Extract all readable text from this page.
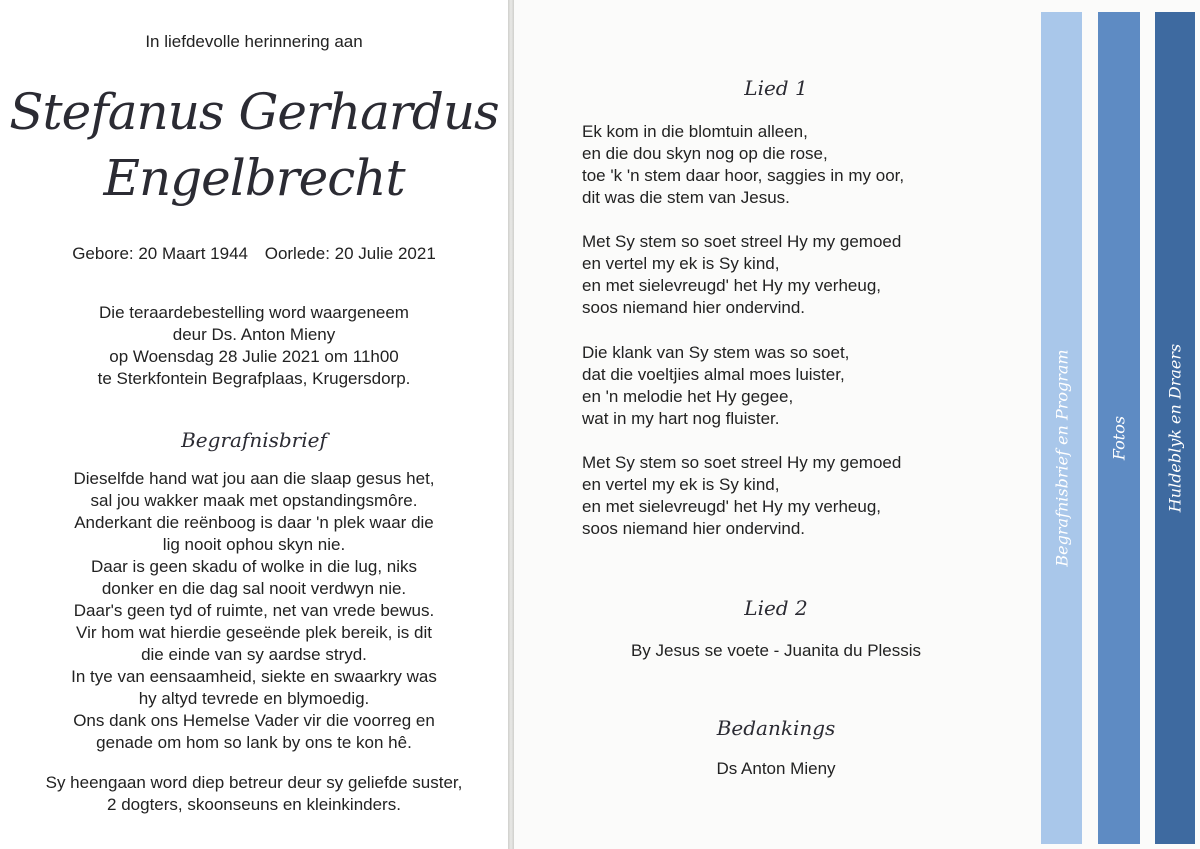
In liefdevolle herinnering aan
Stefanus Gerhardus
Engelbrecht
Gebore: 20 Maart 1944 Oorlede: 20 Julie 2021
Die teraardebestelling word waargeneem
deur Ds. Anton Mieny
op Woensdag 28 Julie 2021 om 11h00
te Sterkfontein Begrafplaas, Krugersdorp.
Begrafnisbrief
Dieselfde hand wat jou aan die slaap gesus het,
sal jou wakker maak met opstandingsmôre.
Anderkant die reënboog is daar 'n plek waar die
lig nooit ophou skyn nie.
Daar is geen skadu of wolke in die lug, niks
donker en die dag sal nooit verdwyn nie.
Daar's geen tyd of ruimte, net van vrede bewus.
Vir hom wat hierdie geseënde plek bereik, is dit
die einde van sy aardse stryd.
In tye van eensaamheid, siekte en swaarkry was
hy altyd tevrede en blymoedig.
Ons dank ons Hemelse Vader vir die voorreg en
genade om hom so lank by ons te kon hê.
Sy heengaan word diep betreur deur sy geliefde suster,
2 dogters, skoonseuns en kleinkinders.
Lied 1
Ek kom in die blomtuin alleen,
en die dou skyn nog op die rose,
toe 'k 'n stem daar hoor, saggies in my oor,
dit was die stem van Jesus.
Met Sy stem so soet streel Hy my gemoed
en vertel my ek is Sy kind,
en met sielevreugd' het Hy my verheug,
soos niemand hier ondervind.
Die klank van Sy stem was so soet,
dat die voeltjies almal moes luister,
en 'n melodie het Hy gegee,
wat in my hart nog fluister.
Met Sy stem so soet streel Hy my gemoed
en vertel my ek is Sy kind,
en met sielevreugd' het Hy my verheug,
soos niemand hier ondervind.
Lied 2
By Jesus se voete - Juanita du Plessis
Bedankings
Ds Anton Mieny
Begrafnisbrief en Program Fotos Huldeblyk en Draers
